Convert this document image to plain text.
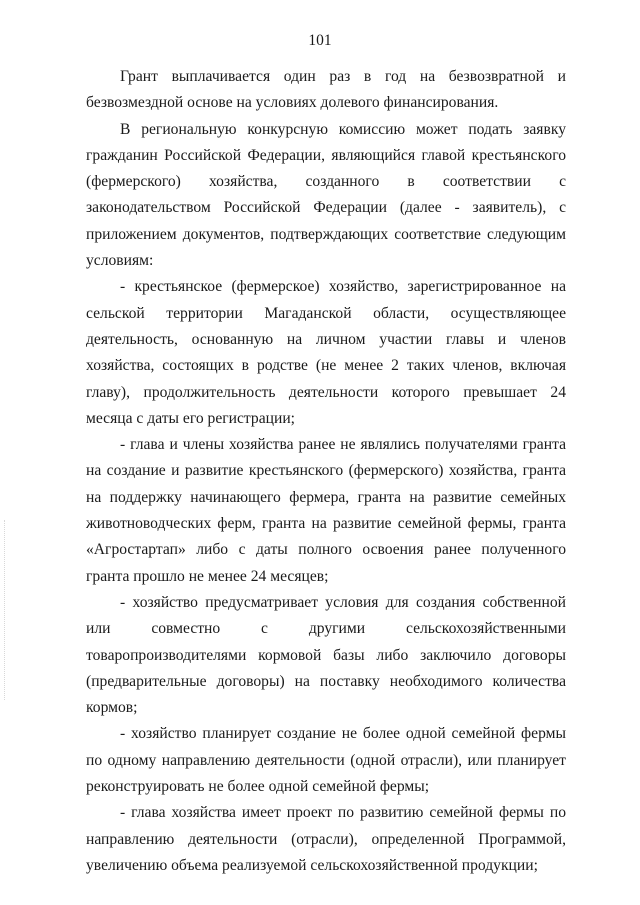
101

Грант выплачивается один раз в год на безвозвратной и безвозмездной основе на условиях долевого финансирования.

В региональную конкурсную комиссию может подать заявку гражданин Российской Федерации, являющийся главой крестьянского (фермерского) хозяйства, созданного в соответствии с законодательством Российской Федерации (далее - заявитель), с приложением документов, подтверждающих соответствие следующим условиям:

- крестьянское (фермерское) хозяйство, зарегистрированное на сельской территории Магаданской области, осуществляющее деятельность, основанную на личном участии главы и членов хозяйства, состоящих в родстве (не менее 2 таких членов, включая главу), продолжительность деятельности которого превышает 24 месяца с даты его регистрации;

- глава и члены хозяйства ранее не являлись получателями гранта на создание и развитие крестьянского (фермерского) хозяйства, гранта на поддержку начинающего фермера, гранта на развитие семейных животноводческих ферм, гранта на развитие семейной фермы, гранта «Агростартап» либо с даты полного освоения ранее полученного гранта прошло не менее 24 месяцев;

- хозяйство предусматривает условия для создания собственной или совместно с другими сельскохозяйственными товаропроизводителями кормовой базы либо заключило договоры (предварительные договоры) на поставку необходимого количества кормов;

- хозяйство планирует создание не более одной семейной фермы по одному направлению деятельности (одной отрасли), или планирует реконструировать не более одной семейной фермы;

- глава хозяйства имеет проект по развитию семейной фермы по направлению деятельности (отрасли), определенной Программой, увеличению объема реализуемой сельскохозяйственной продукции;
